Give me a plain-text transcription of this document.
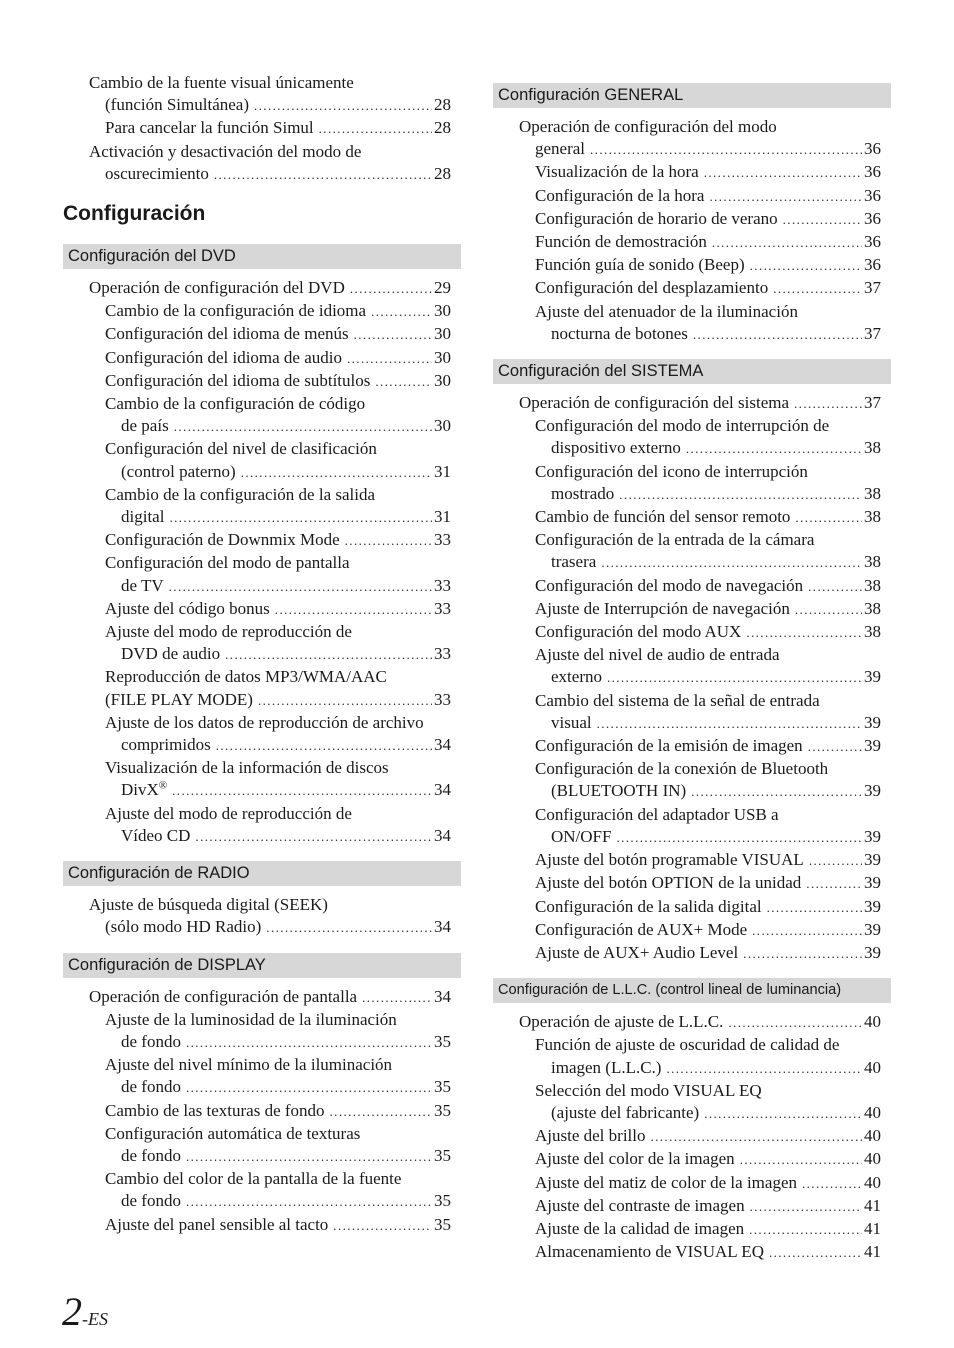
Cambio de la fuente visual únicamente
(función Simultánea) .....	28
Para cancelar la función Simul .....	28
Activación y desactivación del modo de
oscurecimiento .....	28
Configuración
Configuración del DVD
Operación de configuración del DVD .....	29
Cambio de la configuración de idioma .....	30
Configuración del idioma de menús .....	30
Configuración del idioma de audio .....	30
Configuración del idioma de subtítulos .....	30
Cambio de la configuración de código
de país .....	30
Configuración del nivel de clasificación
(control paterno) .....	31
Cambio de la configuración de la salida
digital .....	31
Configuración de Downmix Mode .....	33
Configuración del modo de pantalla
de TV .....	33
Ajuste del código bonus .....	33
Ajuste del modo de reproducción de
DVD de audio .....	33
Reproducción de datos MP3/WMA/AAC
(FILE PLAY MODE) .....	33
Ajuste de los datos de reproducción de archivo
comprimidos .....	34
Visualización de la información de discos
DivX® .....	34
Ajuste del modo de reproducción de
Vídeo CD .....	34
Configuración de RADIO
Ajuste de búsqueda digital (SEEK)
(sólo modo HD Radio) .....	34
Configuración de DISPLAY
Operación de configuración de pantalla .....	34
Ajuste de la luminosidad de la iluminación
de fondo .....	35
Ajuste del nivel mínimo de la iluminación
de fondo .....	35
Cambio de las texturas de fondo .....	35
Configuración automática de texturas
de fondo .....	35
Cambio del color de la pantalla de la fuente
de fondo .....	35
Ajuste del panel sensible al tacto .....	35
Configuración GENERAL
Operación de configuración del modo
general .....	36
Visualización de la hora .....	36
Configuración de la hora .....	36
Configuración de horario de verano .....	36
Función de demostración .....	36
Función guía de sonido (Beep) .....	36
Configuración del desplazamiento .....	37
Ajuste del atenuador de la iluminación
nocturna de botones .....	37
Configuración del SISTEMA
Operación de configuración del sistema .....	37
Configuración del modo de interrupción de
dispositivo externo .....	38
Configuración del icono de interrupción
mostrado .....	38
Cambio de función del sensor remoto .....	38
Configuración de la entrada de la cámara
trasera .....	38
Configuración del modo de navegación .....	38
Ajuste de Interrupción de navegación .....	38
Configuración del modo AUX .....	38
Ajuste del nivel de audio de entrada
externo .....	39
Cambio del sistema de la señal de entrada
visual .....	39
Configuración de la emisión de imagen .....	39
Configuración de la conexión de Bluetooth
(BLUETOOTH IN) .....	39
Configuración del adaptador USB a
ON/OFF .....	39
Ajuste del botón programable VISUAL .....	39
Ajuste del botón OPTION de la unidad .....	39
Configuración de la salida digital .....	39
Configuración de AUX+ Mode .....	39
Ajuste de AUX+ Audio Level .....	39
Configuración de L.L.C. (control lineal de luminancia)
Operación de ajuste de L.L.C. .....	40
Función de ajuste de oscuridad de calidad de
imagen (L.L.C.) .....	40
Selección del modo VISUAL EQ
(ajuste del fabricante) .....	40
Ajuste del brillo .....	40
Ajuste del color de la imagen .....	40
Ajuste del matiz de color de la imagen .....	40
Ajuste del contraste de imagen .....	41
Ajuste de la calidad de imagen .....	41
Almacenamiento de VISUAL EQ .....	41
2-ES
